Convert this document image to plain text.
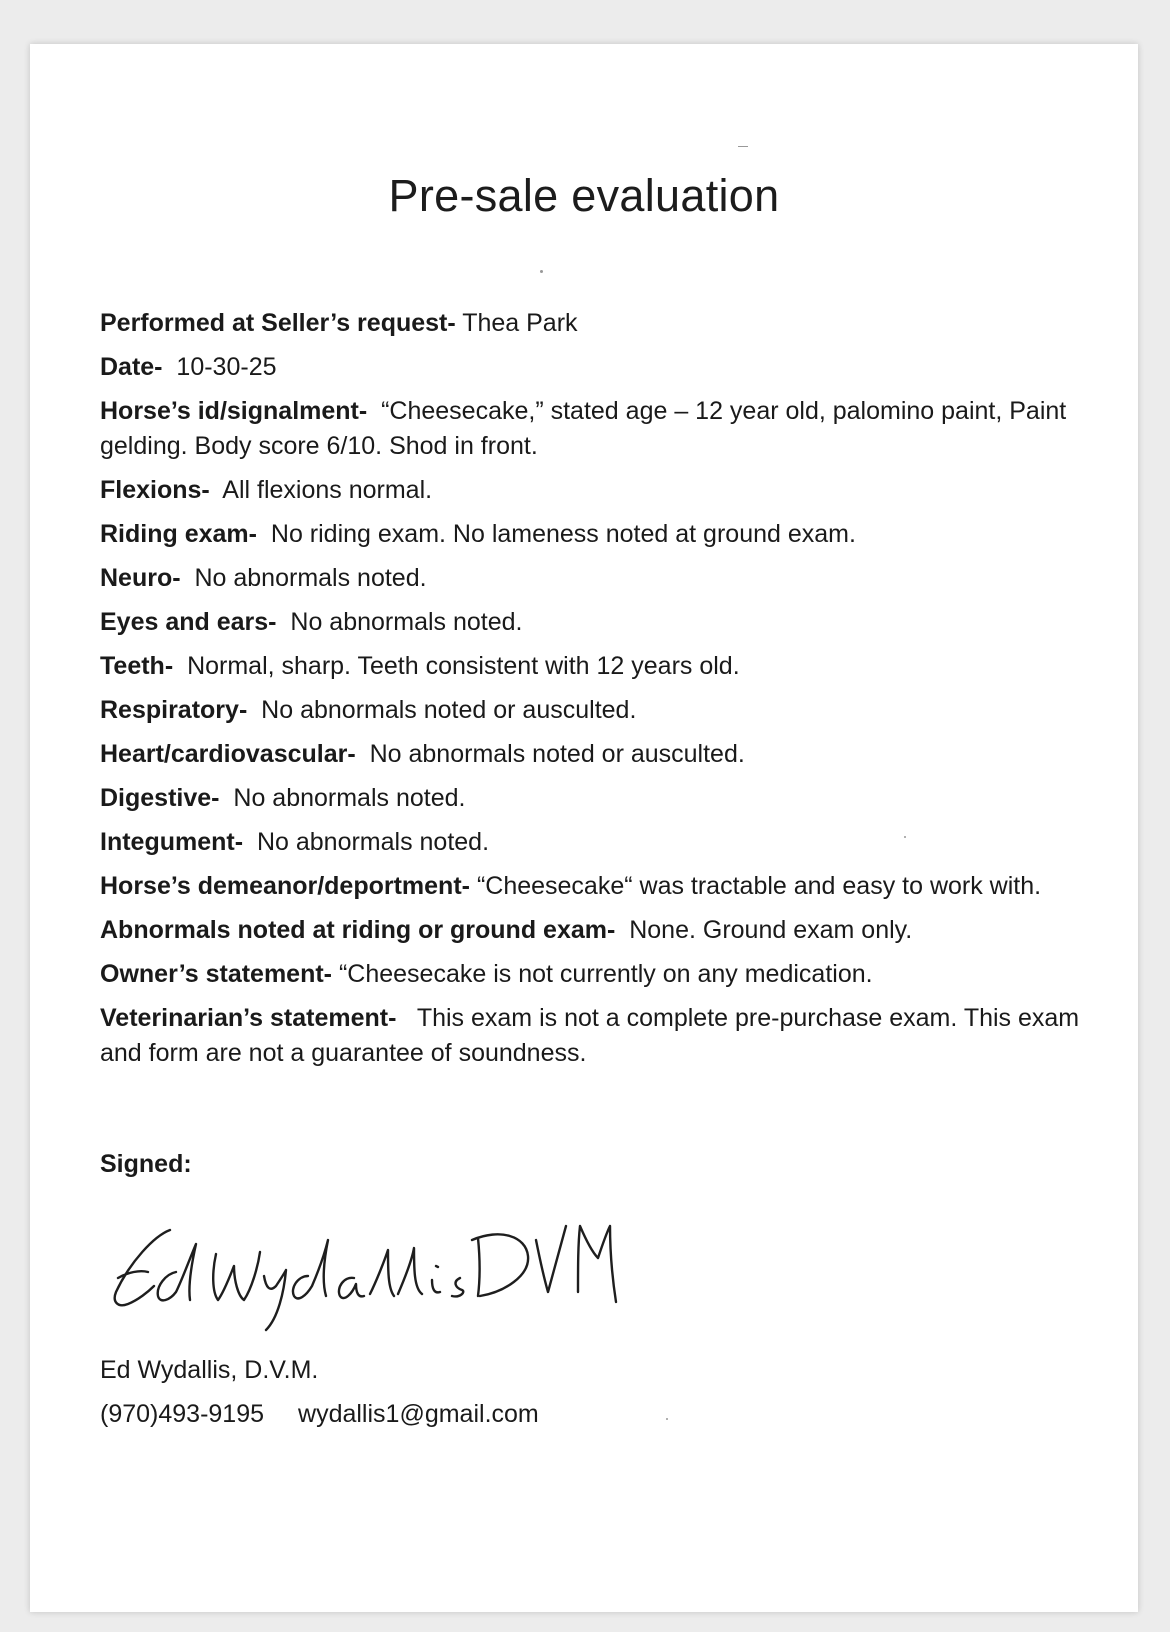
Pre-sale evaluation
Performed at Seller’s request- Thea Park
Date- 10-30-25
Horse’s id/signalment- “Cheesecake,” stated age – 12 year old, palomino paint, Paint gelding. Body score 6/10. Shod in front.
Flexions- All flexions normal.
Riding exam- No riding exam. No lameness noted at ground exam.
Neuro- No abnormals noted.
Eyes and ears- No abnormals noted.
Teeth- Normal, sharp. Teeth consistent with 12 years old.
Respiratory- No abnormals noted or ausculted.
Heart/cardiovascular- No abnormals noted or ausculted.
Digestive- No abnormals noted.
Integument- No abnormals noted.
Horse’s demeanor/deportment- “Cheesecake“ was tractable and easy to work with.
Abnormals noted at riding or ground exam- None. Ground exam only.
Owner’s statement- “Cheesecake is not currently on any medication.
Veterinarian’s statement- This exam is not a complete pre-purchase exam. This exam and form are not a guarantee of soundness.
Signed:
Ed Wydallis, D.V.M.
(970)493-9195 wydallis1@gmail.com
